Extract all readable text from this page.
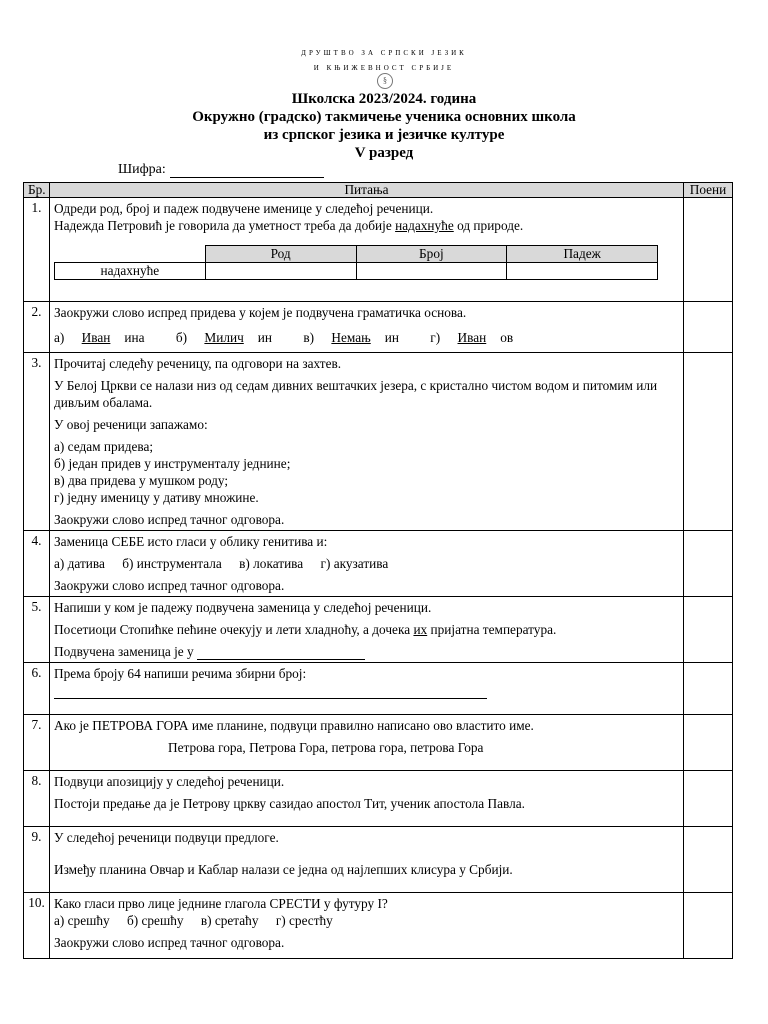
ДРУШТВО ЗА СРПСКИ ЈЕЗИК
И КЊИЖЕВНОСТ СРБИЈЕ
§
Школска 2023/2024. година
Окружно (градско) такмичење ученика основних школа
из српског језика и језичке културе
V разред
Шифра:
Бр.	Питања	Поени
1.	Одреди род, број и падеж подвучене именице у следећој реченици.

Надежда Петровић је говорила да уметност треба да добије надахнуће од природе.

	Род	Број	Падеж
надахнуће			

2.	Заокружи слово испред придева у којем је подвучена граматичка основа.

а) Иван ина б) Милич ин в) Немањ ин г) Иван ов

3.	Прочитај следећу реченицу, па одговори на захтев.

У Белој Цркви се налази низ од седам дивних вештачких језера, с кристално чистом водом и питомим или дивљим обалама.

У овој реченици запажамо:

а) седам придева;

б) један придев у инструменталу једнине;

в) два придева у мушком роду;

г) једну именицу у дативу множине.

Заокружи слово испред тачног одговора.

4.	Заменица СЕБЕ исто гласи у облику генитива и:

а) датива б) инструментала в) локатива г) акузатива

Заокружи слово испред тачног одговора.

5.	Напиши у ком је падежу подвучена заменица у следећој реченици.

Посетиоци Стопићке пећине очекују и лети хладноћу, а дочека их пријатна температура.

Подвучена заменица је у

6.	Према броју 64 напиши речима збирни број:

7.	Ако је ПЕТРОВА ГОРА име планине, подвуци правилно написано ово властито име.

Петрова гора, Петрова Гора, петрова гора, петрова Гора

8.	Подвуци апозицију у следећој реченици.

Постоји предање да је Петрову цркву сазидао апостол Тит, ученик апостола Павла.

9.	У следећој реченици подвуци предлоге.

Између планина Овчар и Каблар налази се једна од најлепших клисура у Србији.

10.	Како гласи прво лице једнине глагола СРЕСТИ у футуру I?

а) срешћу б) срешћу в) сретаћу г) срестћу

Заокружи слово испред тачног одговора.
